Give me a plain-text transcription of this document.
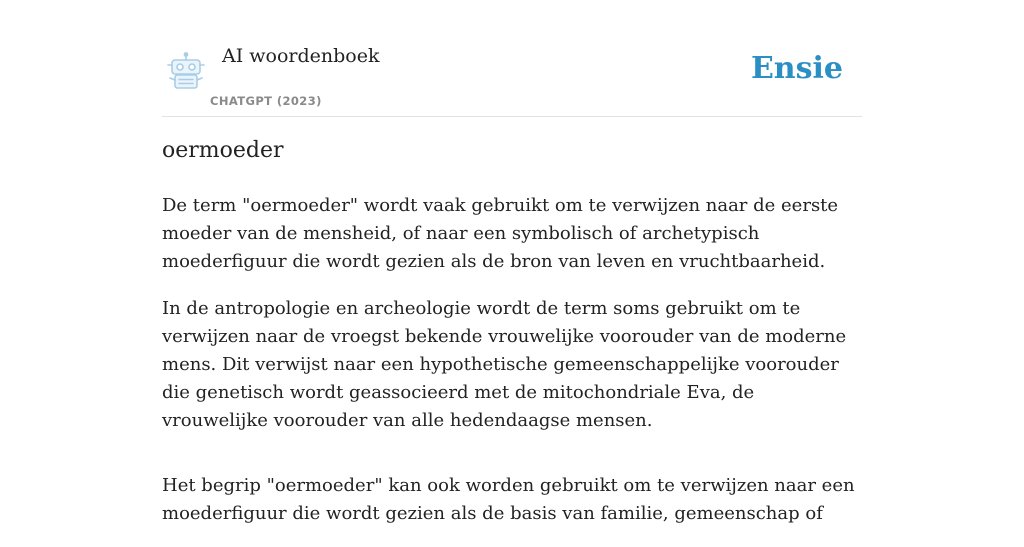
AI woordenboek
CHATGPT (2023)
Ensie
oermoeder

De term "oermoeder" wordt vaak gebruikt om te verwijzen naar de eerste moeder van de mensheid, of naar een symbolisch of archetypisch moederfiguur die wordt gezien als de bron van leven en vruchtbaarheid.

In de antropologie en archeologie wordt de term soms gebruikt om te verwijzen naar de vroegst bekende vrouwelijke voorouder van de moderne mens. Dit verwijst naar een hypothetische gemeenschappelijke voorouder die genetisch wordt geassocieerd met de mitochondriale Eva, de vrouwelijke voorouder van alle hedendaagse mensen.

Het begrip "oermoeder" kan ook worden gebruikt om te verwijzen naar een moederfiguur die wordt gezien als de basis van familie, gemeenschap of
